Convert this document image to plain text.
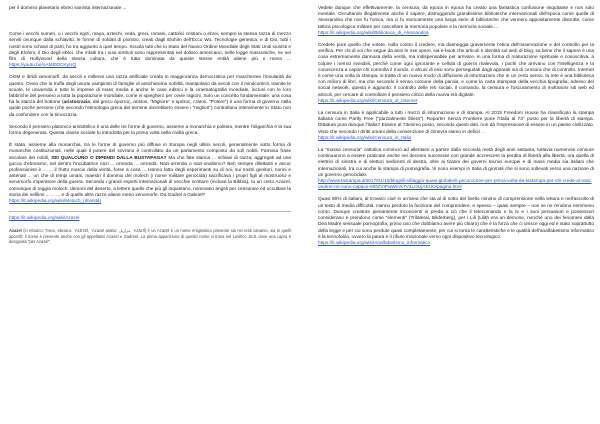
per il dominio planetario ebreo sionista internazionale ...

Come i vecchi sumeri, o i vecchi egizi, maya, aztechi, veda, greci, romani, cattolici cristiani o ebrei, sempre la stessa razza di mezzo serviti ovunque dalla schiavitù: le forme di soldati di piombo, creati dagli Elohim dell'Ecco Wo. Tecnologie genetica, e di Dio, tutti i nostri sono schiavi di parti, ho tra aggiunto a quel tempo. Scuola tutti che lo Stato del Nuovo Ordine Mondiale degli Stati Uniti sionisti e degli Elohim, il Dio degli ebrei, che infatti tra i suoi simboli sono rappresentati nel dollaro americano, nelle logge massoniche, ne nei film di Hollywood della stessa cultura, che è tutta dominata da queste stesse entità aliene più o meno ... https://youtu.be/oAMI0DCKyUQ

OGM e ibridi xenomorfi, da secoli e millenni una razza artificiale creata in maggioranza democratica per mascherare l'insularità da questo. Ovvio che la truffa degli usurai vampiristi di famiglie di antichissima nobiltà, manipolano da secoli con il mindcontrol, tramite le scuole, le università e tutte le imprese di mass media e anche le case editrici e la cinematografia mondiale, inclusi con le loro fabbriche del pensiero a tutta la popolazione mondiale, come vi spiegherò per ovvie ragioni. Solo un concetto fondamentale: una cosa ha la stanza del bottone (aristocrazia, dal greco ἀριστος, aristos, "Migliore" e κράτος, cràtos, "Potere") è una forma di governo nella quale poche persone (che secondo l'etimologia greca del termine dovrebbero essere i "migliori") controllano interamente lo Stato non da confondere con la timocrazia.

Secondo il pensiero platonico-aristotelico è una delle tre forme di governo, assieme a monarchia e politeia, mentre l'oligarchia è la sua forma degenerata. Questa classe sociale fu introdotta per la prima volta nella civiltà greca.

È stata, assieme alla monarchia, tra le forme di governo più diffuse in Europa negli ultimi secoli, generalmente sotto forma di monarchie costituzionali, nelle quali il potere del sovrano è controllato da un parlamento composto da soli nobili. Famosa frase secolare dei nobili, SEI QUALCUNO O DIPENDI DALLA BUSTAPAGA? Ma che fate stanca ... schiavi di razza, aggregati ad una gocca d'ebreismo, nel dentro l'incubatrice nazi ... orrenda ... orrenda. Nazi-orrenda o nazi-onalismo? Beh sempre dilettanti e ancor professionisti è ... ... il frutto marcio della verità, forse a cosa ... Hanno fatto degli esperimenti su di noi, sui nostri genitori, nonni e antenati ... un che di tempi umani, maestri il dominio del molech (i nome militare genocida) sacrificava i propri figli al mostruoso e xenomorfo imperatore della guerra. Secondo i grandi esperti internazionali di vecchie scritture (inclusa la Bibbia), tu un certo Azazel, comunque di reggia moloch, demoni del deserto, a lettere quello che più gli inquietano, nominano angeli per censurare ed occultare la storia dei nefilimi ... ... ... e di quelle altre razze aliene meno xenomorfe. Da Gadrel a Gabriel?
https://it.wikipedia.org/wiki/Moloch_(divinità)

https://it.wikipedia.org/wiki/Azazel

Azazel (in ebraico: עזאזל, ebraico: ʿAzā'zēl, ʿAzazel arabo: عزازيل ʿAzāzīl) è un Azazel è un nome enigmatico presente sia nei testi cananei, sia in quelli apocrifi; il nome è presente anche con gli appellativi Azazel e Gadreel. La prima apparizione di questo nome si trova nel Levitico 16:8, dove una capra è designata "per Azazel".

Vedete dunque che effettivamente, la censura, da epoca in epoca ha creato una fantastica confusione iniquitante e non solo mentale. Occultando illegalmente anche il sapere, distruggendo grandissime biblioteche internazionali dell'epoca come quella di Alessandria che non fu l'unica, ma ci fu storicamente una lunga serie di biblioteche che vennero appositamente distrutte, come tattica psicologica militare per cancellare la memoria popolare e la memoria sociale....
https://it.wikipedia.org/wiki/Biblioteca_di_Alessandria

Credete pure quello che volete, nulla contro il credere, ma danneggia gravemente l'etica dell'osservazione e del controllo per la verifica. Per chi di voi che segue da anni le mie opere, sia e-book che articoli e identità sul web di blog, sa bene che il sapere è una cosa estremamente dannosa della verità, ma indispensabile per arrivare, in una forma di maturazione spirituale e conoscitiva, a colpire i nemici invisibili, perché come ogni ignorante e cellula di guerra malevola, i pochi che arrivano con l'intelligenza e la conoscenza a capire chi controlla il mondo, o alcuni di essi sono perseguitati dagli apparati sia di censura che di controllo. Internet è come una volta la stampa, si tratta di un nuovo modo di diffusione di informazioni che in un certo senso, la rete è una biblioteca con milioni di libri, ma che secondo il senso comune della parola, e come la carta stampata della vecchia tipografia, adesso dei social network, questo è aggiunto: il controllo delle reti sociali. Il comando, la censura e l'oscuramento di moltissimi siti web ed articoli, per cercare di controllare il pensiero critico della nuova età digitale.
https://it.wikipedia.org/wiki/Censura_di_Internet

La censura in Italia è applicabile a tutti i mezzi di informazione e di stampa. Al 2015 Freedom House ha classificato la stampa italiana come Partly Free ("parzialmente libera"). Reporter Senza Frontiere pone l'Italia al 73° posto per la libertà di stampa. Dittatura pura dunque l'Italia? Essere al 73esimo posto, secondo questi dati, non dà l'impressione di essere in un paese civilizzato. Visto che secondo i diritti umani della convenzione di Ginevra siamo in deficit ...
https://it.wikipedia.org/wiki/Censura_in_Italia

La "mossa censoria" cattolica cominciò ad allentarsi a partire dalla seconda metà degli anni settanta, tuttavia numerose censure continuarono a essere praticate anche nei decenni successivi con grande accrescere la perdita di libertà alla libertà, ora quella di elettrici di sinistra e di elettori sedicenti di destra, oltre ai tiranni dei governi tecnici europei e di mass media sia italiani che internazionali, tra cui anche la stampa di pornografia. Vi sono esempi in Italia di giornali che si sono sollevati verso una nazione di un governo genocidale.
http://www.lastampa.it/2017/01/10/blogs/il-villaggio-quasi-globale/il-pecorocene-per-prima-volta-da-lastampa-per-chi-crede-al-nascondere-ne-sono-capace-MDZVIPwWmX7V4LOUjAEUO/pagina.html

Quasi 80% di italiani, al trovarci cioè in un'area che sta al di sotto del livello minimo di comprensione nella lettura e nell'ascolto di un testo di media difficoltà. Hanno perduto la funzione del comprendere, e spesso – quasi sempre – non se ne rendono nemmeno conto. Dunque creature pienamente incoscienti in preda a ciò che il telecomando e la tv e i suoi persuasori e possessori considerano e prendono come "elementi" (Trilateral, Bilderberg), per i Lili (Lilith era un demone, nonché uno dei fenomeni della Dea Madre sessuale pornografia, primo uno che dobbiamo avere più chiaro) che è la forza che ci unisce oggi ed è stato soprattutto della legge e per cui sono perdute quasi completamente, per cui si torna le caratteristiche e le qualità dell'analfabetismo informatico è la tecnofobia, ovvero la paura e il rifiuto irrazionale verso ogni dispositivo tecnologico.
https://it.wikipedia.org/wiki/Analfabetismo_informatico
